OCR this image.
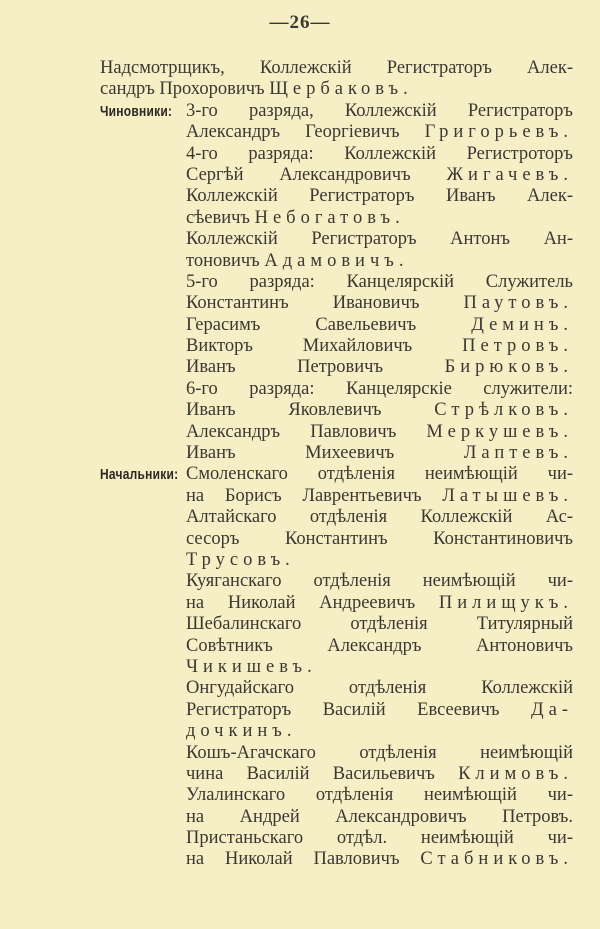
—26—
Надсмотрщикъ, Коллежскій Регистраторъ Алек-
сандръ Прохоровичъ Щербаковъ.
Чиновники: 3-го разряда, Коллежскій Регистраторъ
Александръ Георгіевичъ Григорьевъ.
4-го разряда: Коллежскій Регистроторъ
Сергѣй Александровичъ Жигачевъ.
Коллежскій Регистраторъ Иванъ Алек-
сѣевичъ Небогатовъ.
Коллежскій Регистраторъ Антонъ Ан-
тоновичъ Адамовичъ.
5-го разряда: Канцелярскій Служитель
Константинъ Ивановичъ Паутовъ.
Герасимъ Савельевичъ Деминъ.
Викторъ Михайловичъ Петровъ.
Иванъ Петровичъ Бирюковъ.
6-го разряда: Канцелярскіе служители:
Иванъ Яковлевичъ Стрѣлковъ.
Александръ Павловичъ Меркушевъ.
Иванъ Михеевичъ Лаптевъ.
Начальники: Смоленскаго отдѣленія неимѣющій чи-
на Борисъ Лаврентьевичъ Латышевъ.
Алтайскаго отдѣленія Коллежскій Ас-
сесоръ Константинъ Константиновичъ
Трусовъ.
Куяганскаго отдѣленія неимѣющій чи-
на Николай Андреевичъ Пилищукъ.
Шебалинскаго отдѣленія Титулярный
Совѣтникъ Александръ Антоновичъ
Чикишевъ.
Онгудайскаго отдѣленія Коллежскій
Регистраторъ Василій Евсеевичъ Да-
дочкинъ.
Кошъ-Агачскаго отдѣленія неимѣющій
чина Василій Васильевичъ Климовъ.
Улалинскаго отдѣленія неимѣющій чи-
на Андрей Александровичъ Петровъ.
Пристаньскаго отдѣл. неимѣющій чи-
на Николай Павловичъ Стабниковъ.
